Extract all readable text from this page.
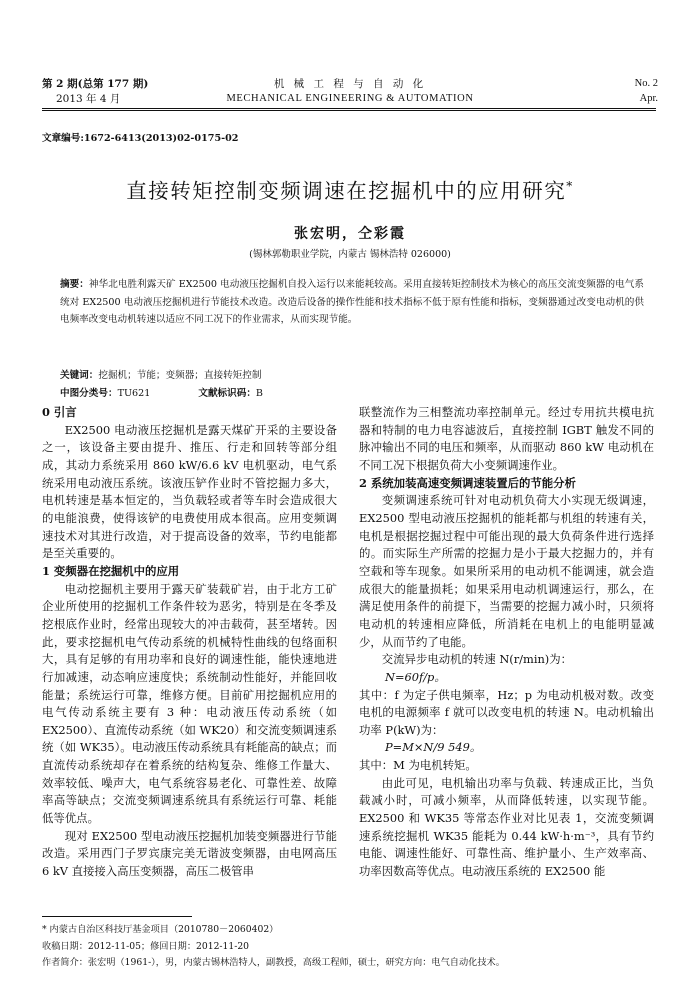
第 2 期(总第 177 期)
2013 年 4 月
机 械 工 程 与 自 动 化
MECHANICAL ENGINEERING & AUTOMATION
No. 2
Apr.
文章编号:1672-6413(2013)02-0175-02
直接转矩控制变频调速在挖掘机中的应用研究*
张宏明，仝彩霞
(锡林郭勒职业学院，内蒙古 锡林浩特 026000)
摘要：神华北电胜利露天矿 EX2500 电动液压挖掘机自投入运行以来能耗较高。采用直接转矩控制技术为核心的高压交流变频器的电气系统对 EX2500 电动液压挖掘机进行节能技术改造。改造后设备的操作性能和技术指标不低于原有性能和指标，变频器通过改变电动机的供电频率改变电动机转速以适应不同工况下的作业需求，从而实现节能。
关键词：挖掘机；节能；变频器；直接转矩控制
中图分类号：TU621	文献标识码：B
0 引言

EX2500 电动液压挖掘机是露天煤矿开采的主要设备之一，该设备主要由提升、推压、行走和回转等部分组成，其动力系统采用 860 kW/6.6 kV 电机驱动，电气系统采用电动液压系统。该液压铲作业时不管挖掘力多大，电机转速是基本恒定的，当负载轻或者等车时会造成很大的电能浪费，使得该铲的电费使用成本很高。应用变频调速技术对其进行改造，对于提高设备的效率，节约电能都是至关重要的。

1 变频器在挖掘机中的应用

电动挖掘机主要用于露天矿装载矿岩，由于北方工矿企业所使用的挖掘机工作条件较为恶劣，特别是在冬季及挖根底作业时，经常出现较大的冲击载荷，甚至堵转。因此，要求挖掘机电气传动系统的机械特性曲线的包络面积大，具有足够的有用功率和良好的调速性能，能快速地进行加减速，动态响应速度快；系统制动性能好，并能回收能量；系统运行可靠，维修方便。目前矿用挖掘机应用的电气传动系统主要有 3 种：电动液压传动系统（如 EX2500）、直流传动系统（如 WK20）和交流变频调速系统（如 WK35）。电动液压传动系统具有耗能高的缺点；而直流传动系统却存在着系统的结构复杂、维修工作量大、效率较低、噪声大，电气系统容易老化、可靠性差、故障率高等缺点；交流变频调速系统具有系统运行可靠、耗能低等优点。

现对 EX2500 型电动液压挖掘机加装变频器进行节能改造。采用西门子罗宾康完美无谐波变频器，由电网高压 6 kV 直接接入高压变频器，高压二极管串

联整流作为三相整流功率控制单元。经过专用抗共模电抗器和特制的电力电容滤波后，直接控制 IGBT 触发不同的脉冲输出不同的电压和频率，从而驱动 860 kW 电动机在不同工况下根据负荷大小变频调速作业。

2 系统加装高速变频调速装置后的节能分析

变频调速系统可针对电动机负荷大小实现无级调速，EX2500 型电动液压挖掘机的能耗都与机组的转速有关，电机是根据挖掘过程中可能出现的最大负荷条件进行选择的。而实际生产所需的挖掘力是小于最大挖掘力的，并有空载和等车现象。如果所采用的电动机不能调速，就会造成很大的能量损耗；如果采用电动机调速运行，那么，在满足使用条件的前提下，当需要的挖掘力减小时，只须将电动机的转速相应降低，所消耗在电机上的电能明显减少，从而节约了电能。

交流异步电动机的转速 N(r/min)为：

N=60f/p。

其中：f 为定子供电频率，Hz；p 为电动机极对数。改变电机的电源频率 f 就可以改变电机的转速 N。电动机输出功率 P(kW)为：

P=M×N/9 549。

其中：M 为电机转矩。

由此可见，电机输出功率与负载、转速成正比，当负载减小时，可减小频率，从而降低转速，以实现节能。EX2500 和 WK35 等常态作业对比见表 1，交流变频调速系统挖掘机 WK35 能耗为 0.44 kW·h·m⁻³，具有节约电能、调速性能好、可靠性高、维护量小、生产效率高、功率因数高等优点。电动液压系统的 EX2500 能

* 内蒙古自治区科技厅基金项目（2010780－2060402）
收稿日期：2012-11-05；修回日期：2012-11-20
作者简介：张宏明（1961-），男，内蒙古锡林浩特人，副教授，高级工程师，硕士，研究方向：电气自动化技术。
